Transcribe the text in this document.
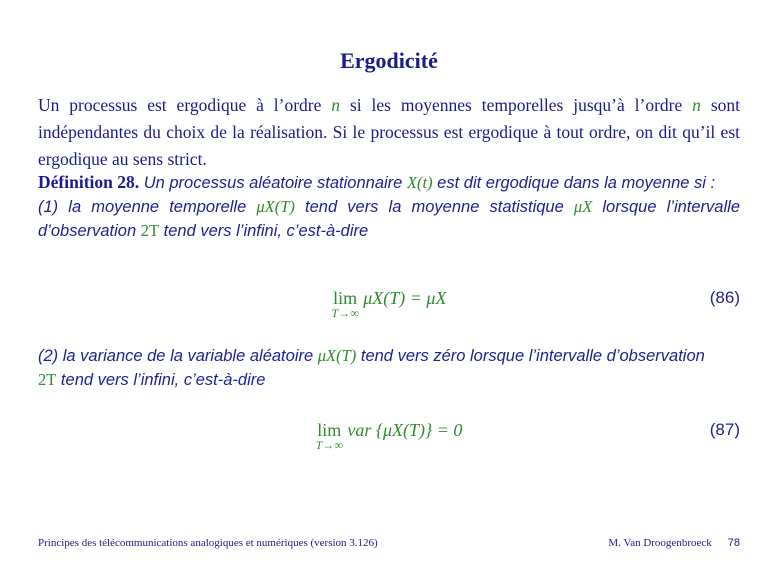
Ergodicité
Un processus est ergodique à l’ordre n si les moyennes temporelles jusqu’à l’ordre n sont indépendantes du choix de la réalisation. Si le processus est ergodique à tout ordre, on dit qu’il est ergodique au sens strict.
Définition 28. Un processus aléatoire stationnaire X(t) est dit ergodique dans la moyenne si :
(1) la moyenne temporelle μX(T) tend vers la moyenne statistique μX lorsque l’intervalle d’observation 2T tend vers l’infini, c’est-à-dire
lim
T→∞
μX(T) = μX	(86)
(2) la variance de la variable aléatoire μX(T) tend vers zéro lorsque l’intervalle d’observation
2T tend vers l’infini, c’est-à-dire
lim
T→∞
var {μX(T)} = 0	(87)
Principes des télécommunications analogiques et numériques (version 3.126)	M. Van Droogenbroeck 78
